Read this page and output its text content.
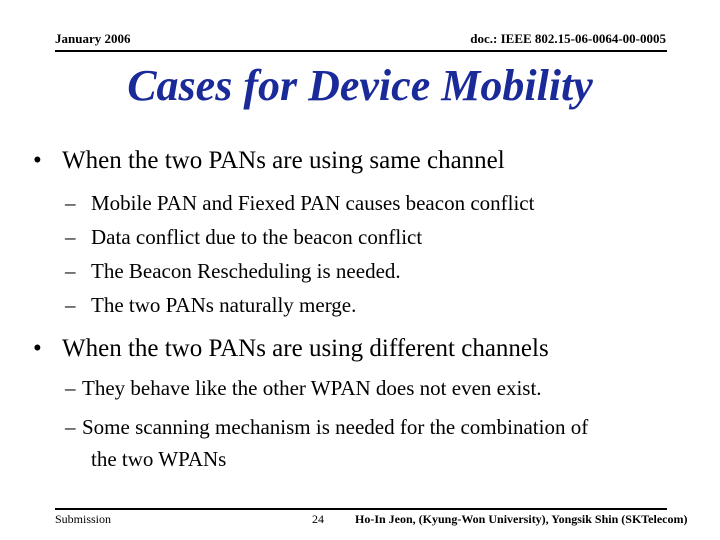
January 2006	doc.: IEEE 802.15-06-0064-00-0005
Cases for Device Mobility
• When the two PANs are using same channel
– Mobile PAN and Fiexed PAN causes beacon conflict
– Data conflict due to the beacon conflict
– The Beacon Rescheduling is needed.
– The two PANs naturally merge.
• When the two PANs are using different channels
– They behave like the other WPAN does not even exist.
– Some scanning mechanism is needed for the combination of
the two WPANs
Submission	24	Ho-In Jeon, (Kyung-Won University), Yongsik Shin (SKTelecom)
